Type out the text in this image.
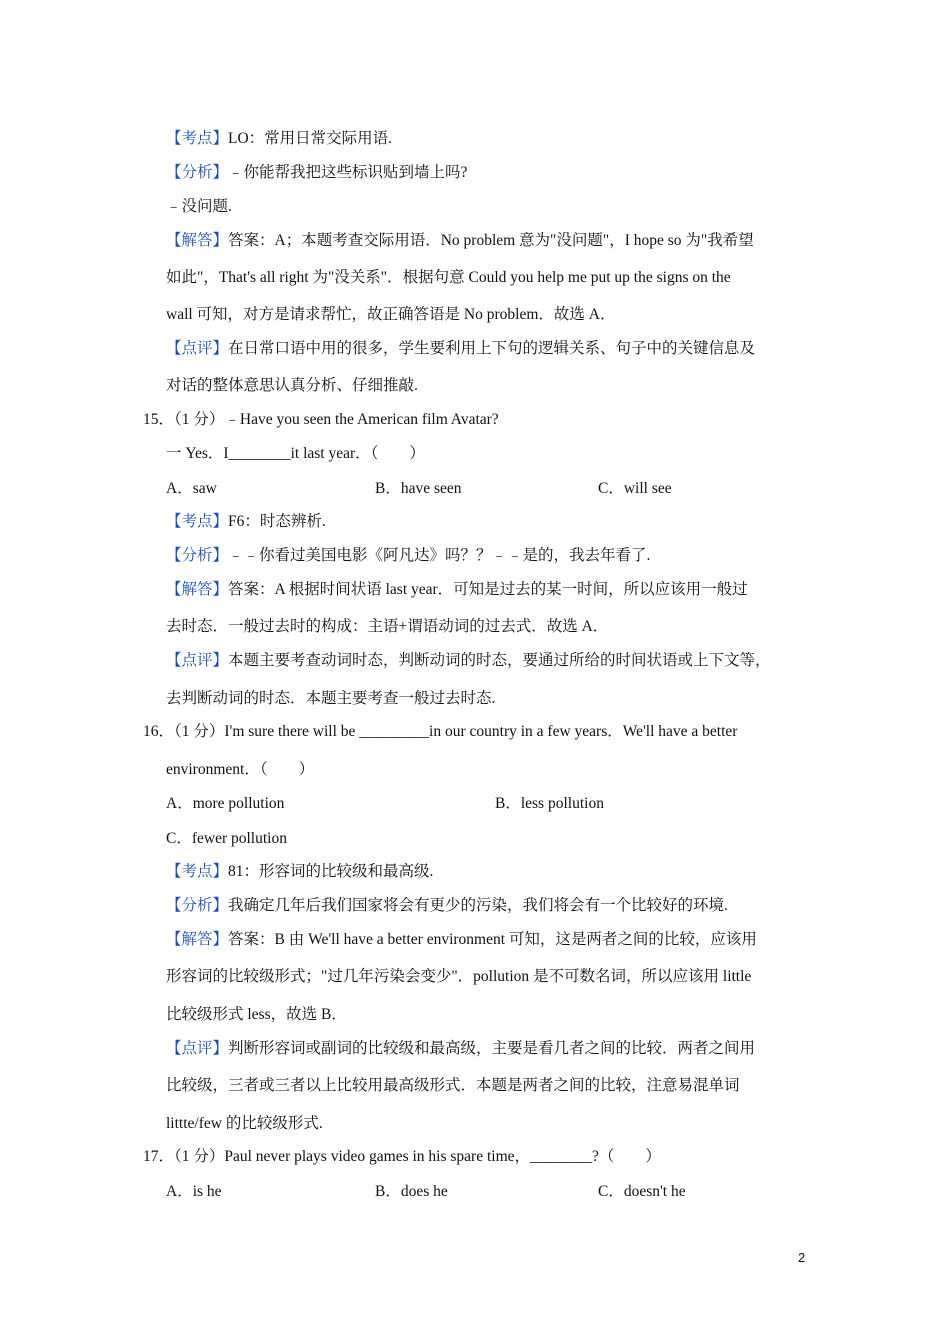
【考点】LO：常用日常交际用语.
【分析】﹣你能帮我把这些标识贴到墙上吗?
﹣没问题.
【解答】答案：A；本题考查交际用语．No problem 意为"没问题"，I hope so 为"我希望
如此"，That's all right 为"没关系"．根据句意 Could you help me put up the signs on the
wall 可知，对方是请求帮忙，故正确答语是 No problem．故选 A．
【点评】在日常口语中用的很多，学生要利用上下句的逻辑关系、句子中的关键信息及
对话的整体意思认真分析、仔细推敲.
15．（1 分）﹣Have you seen the American film Avatar?
一 Yes．I________it last year．（　　）
A．saw	B．have seen	C．will see
【考点】F6：时态辨析.
【分析】﹣﹣你看过美国电影《阿凡达》吗？？﹣﹣是的，我去年看了.
【解答】答案：A 根据时间状语 last year．可知是过去的某一时间，所以应该用一般过
去时态．一般过去时的构成：主语+谓语动词的过去式．故选 A．
【点评】本题主要考查动词时态，判断动词的时态，要通过所给的时间状语或上下文等，
去判断动词的时态．本题主要考查一般过去时态.
16．（1 分）I'm sure there will be _________in our country in a few years．We'll have a better
environment．（　　）
A．more pollution	B．less pollution
C．fewer pollution
【考点】81：形容词的比较级和最高级.
【分析】我确定几年后我们国家将会有更少的污染，我们将会有一个比较好的环境.
【解答】答案：B 由 We'll have a better environment 可知，这是两者之间的比较，应该用
形容词的比较级形式；"过几年污染会变少"．pollution 是不可数名词，所以应该用 little
比较级形式 less，故选 B．
【点评】判断形容词或副词的比较级和最高级，主要是看几者之间的比较．两者之间用
比较级，三者或三者以上比较用最高级形式．本题是两者之间的比较，注意易混单词
littte/few 的比较级形式.
17．（1 分）Paul never plays video games in his spare time，________?（　　）
A．is he	B．does he	C．doesn't he
2
